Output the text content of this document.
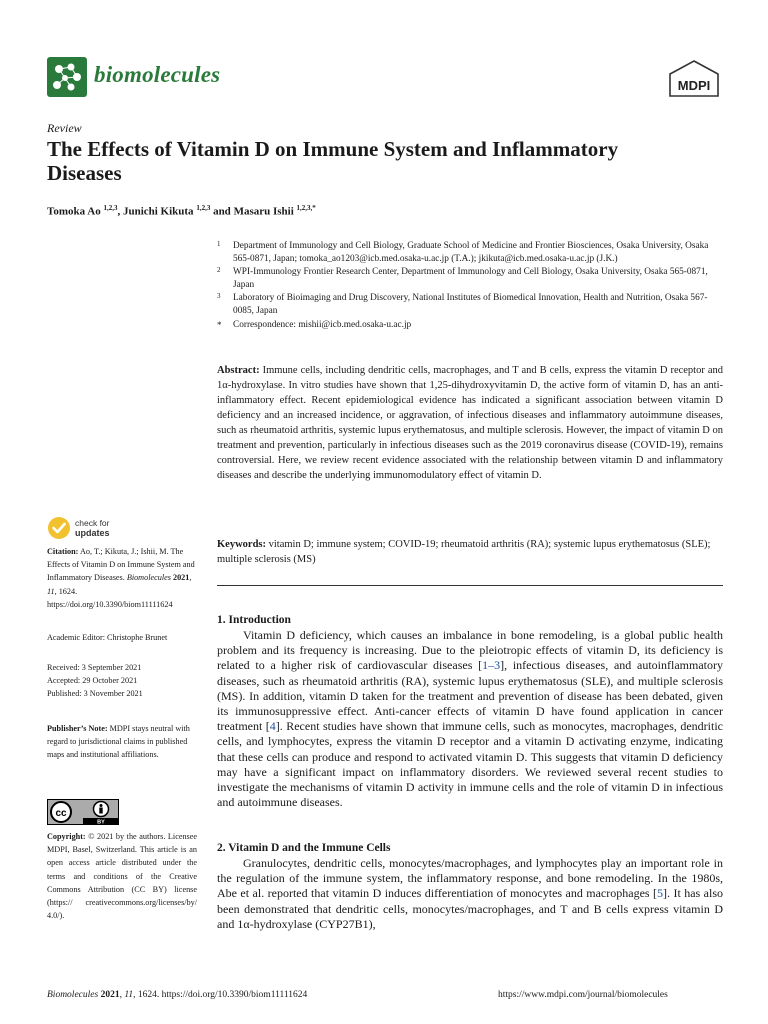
biomolecules	MDPI
Review
The Effects of Vitamin D on Immune System and Inflammatory Diseases
Tomoka Ao $^{1,2,3}$, Junichi Kikuta $^{1,2,3}$ and Masaru Ishii $^{1,2,3,*}$
1 Department of Immunology and Cell Biology, Graduate School of Medicine and Frontier Biosciences, Osaka University, Osaka 565-0871, Japan; tomoka_ao1203@icb.med.osaka-u.ac.jp (T.A.); jkikuta@icb.med.osaka-u.ac.jp (J.K.)
2 WPI-Immunology Frontier Research Center, Department of Immunology and Cell Biology, Osaka University, Osaka 565-0871, Japan
3 Laboratory of Bioimaging and Drug Discovery, National Institutes of Biomedical Innovation, Health and Nutrition, Osaka 567-0085, Japan
* Correspondence: mishii@icb.med.osaka-u.ac.jp
Abstract: Immune cells, including dendritic cells, macrophages, and T and B cells, express the vitamin D receptor and 1α-hydroxylase. In vitro studies have shown that 1,25-dihydroxyvitamin D, the active form of vitamin D, has an anti-inflammatory effect. Recent epidemiological evidence has indicated a significant association between vitamin D deficiency and an increased incidence, or aggravation, of infectious diseases and inflammatory autoimmune diseases, such as rheumatoid arthritis, systemic lupus erythematosus, and multiple sclerosis. However, the impact of vitamin D on treatment and prevention, particularly in infectious diseases such as the 2019 coronavirus disease (COVID-19), remains controversial. Here, we review recent evidence associated with the relationship between vitamin D and inflammatory diseases and describe the underlying immunomodulatory effect of vitamin D.
Keywords: vitamin D; immune system; COVID-19; rheumatoid arthritis (RA); systemic lupus erythematosus (SLE); multiple sclerosis (MS)
check for
updates
Citation: Ao, T.; Kikuta, J.; Ishii, M. The Effects of Vitamin D on Immune System and Inflammatory Diseases. Biomolecules 2021, 11, 1624. https://doi.org/10.3390/biom11111624
Academic Editor: Christophe Brunet
Received: 3 September 2021
Accepted: 29 October 2021
Published: 3 November 2021
Publisher’s Note: MDPI stays neutral with regard to jurisdictional claims in published maps and institutional affiliations.
cc
BY
Copyright: © 2021 by the authors. Licensee MDPI, Basel, Switzerland. This article is an open access article distributed under the terms and conditions of the Creative Commons Attribution (CC BY) license (https:// creativecommons.org/licenses/by/ 4.0/).
1. Introduction

Vitamin D deficiency, which causes an imbalance in bone remodeling, is a global public health problem and its frequency is increasing. Due to the pleiotropic effects of vitamin D, its deficiency is related to a higher risk of cardiovascular diseases [1–3], infectious diseases, and autoinflammatory diseases, such as rheumatoid arthritis (RA), systemic lupus erythematosus (SLE), and multiple sclerosis (MS). In addition, vitamin D taken for the treatment and prevention of disease has been debated, given its immunosuppressive effect. Anti-cancer effects of vitamin D have found application in cancer treatment [4]. Recent studies have shown that immune cells, such as monocytes, macrophages, dendritic cells, and lymphocytes, express the vitamin D receptor and a vitamin D activating enzyme, indicating that these cells can produce and respond to activated vitamin D. This suggests that vitamin D deficiency may have a significant impact on inflammatory disorders. We reviewed several recent studies to investigate the mechanisms of vitamin D activity in immune cells and the role of vitamin D in infectious and autoimmune diseases.

2. Vitamin D and the Immune Cells

Granulocytes, dendritic cells, monocytes/macrophages, and lymphocytes play an important role in the regulation of the immune system, the inflammatory response, and bone remodeling. In the 1980s, Abe et al. reported that vitamin D induces differentiation of monocytes and macrophages [5]. It has also been demonstrated that dendritic cells, monocytes/macrophages, and T and B cells express vitamin D and 1α-hydroxylase (CYP27B1),

Biomolecules 2021, 11, 1624. https://doi.org/10.3390/biom11111624	https://www.mdpi.com/journal/biomolecules
